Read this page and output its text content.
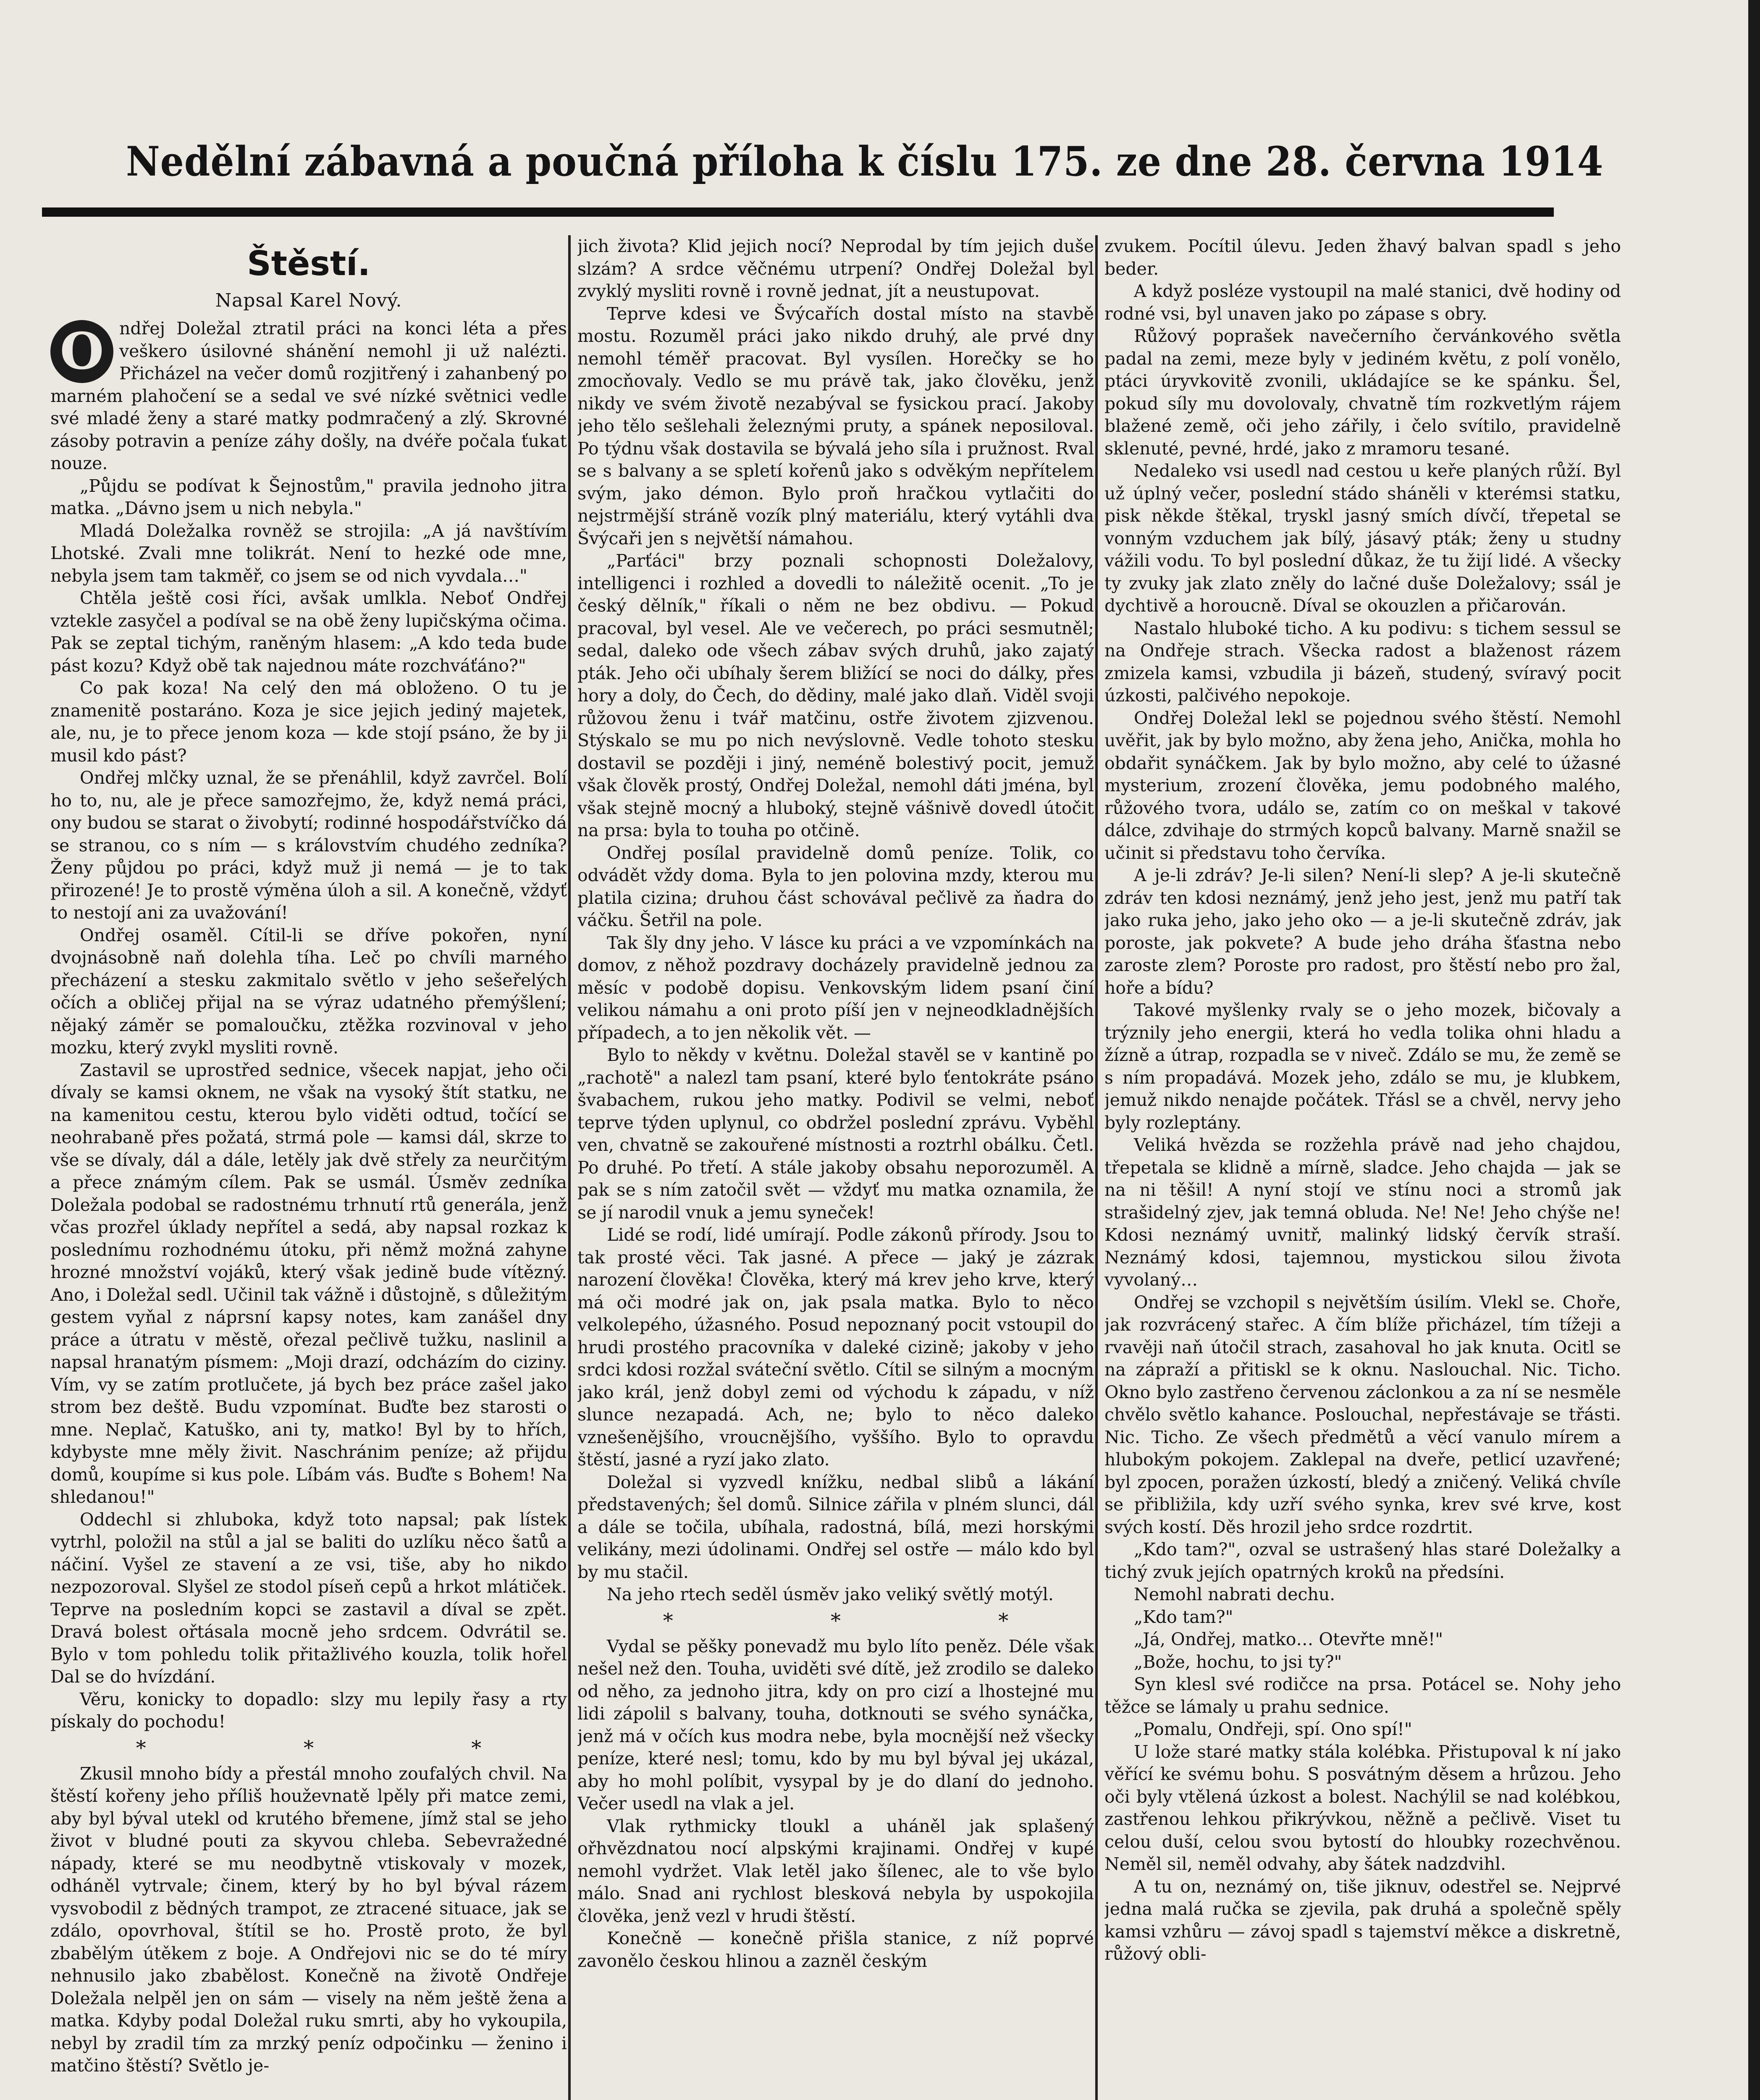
Nedělní zábavná a poučná příloha k číslu 175. ze dne 28. června 1914
Štěstí.
Napsal Karel Nový.

O ndřej Doležal ztratil práci na konci léta a přes veškero úsilovné shánění nemohl ji už nalézti. Přicházel na večer domů rozjitřený i zahanbený po marném plahočení se a sedal ve své nízké světnici vedle své mladé ženy a staré matky podmračený a zlý. Skrovné zásoby potravin a peníze záhy došly, na dvéře počala ťukat nouze.

„Půjdu se podívat k Šejnostům," pravila jednoho jitra matka. „Dávno jsem u nich nebyla."

Mladá Doležalka rovněž se strojila: „A já navštívím Lhotské. Zvali mne tolikrát. Není to hezké ode mne, nebyla jsem tam takměř, co jsem se od nich vyvdala…"

Chtěla ještě cosi říci, avšak umlkla. Neboť Ondřej vztekle zasyčel a podíval se na obě ženy lupičskýma očima. Pak se zeptal tichým, raněným hlasem: „A kdo teda bude pást kozu? Když obě tak najednou máte rozchváťáno?"

Co pak koza! Na celý den má obloženo. O tu je znamenitě postaráno. Koza je sice jejich jediný majetek, ale, nu, je to přece jenom koza — kde stojí psáno, že by ji musil kdo pást?

Ondřej mlčky uznal, že se přenáhlil, když zavrčel. Bolí ho to, nu, ale je přece samozřejmo, že, když nemá práci, ony budou se starat o živobytí; rodinné hospodářstvíčko dá se stranou, co s ním — s královstvím chudého zedníka? Ženy půjdou po práci, když muž ji nemá — je to tak přirozené! Je to prostě výměna úloh a sil. A konečně, vždyť to nestojí ani za uvažování!

Ondřej osaměl. Cítil-li se dříve pokořen, nyní dvojnásobně naň dolehla tíha. Leč po chvíli marného přecházení a stesku zakmitalo světlo v jeho sešeřelých očích a obličej přijal na se výraz udatného přemýšlení; nějaký záměr se pomaloučku, ztěžka rozvinoval v jeho mozku, který zvykl mysliti rovně.

Zastavil se uprostřed sednice, všecek napjat, jeho oči dívaly se kamsi oknem, ne však na vysoký štít statku, ne na kamenitou cestu, kterou bylo viděti odtud, točící se neohrabaně přes požatá, strmá pole — kamsi dál, skrze to vše se dívaly, dál a dále, letěly jak dvě střely za neurčitým a přece známým cílem. Pak se usmál. Úsměv zedníka Doležala podobal se radostnému trhnutí rtů generála, jenž včas prozřel úklady nepřítel a sedá, aby napsal rozkaz k poslednímu rozhodnému útoku, při němž možná zahyne hrozné množství vojáků, který však jedině bude vítězný. Ano, i Doležal sedl. Učinil tak vážně i důstojně, s důležitým gestem vyňal z náprsní kapsy notes, kam zanášel dny práce a útratu v městě, ořezal pečlivě tužku, naslinil a napsal hranatým písmem: „Moji drazí, odcházím do ciziny. Vím, vy se zatím protlučete, já bych bez práce zašel jako strom bez deště. Budu vzpomínat. Buďte bez starosti o mne. Neplač, Katuško, ani ty, matko! Byl by to hřích, kdybyste mne měly živit. Naschránim peníze; až přijdu domů, koupíme si kus pole. Líbám vás. Buďte s Bohem! Na shledanou!"

Oddechl si zhluboka, když toto napsal; pak lístek vytrhl, položil na stůl a jal se baliti do uzlíku něco šatů a náčiní. Vyšel ze stavení a ze vsi, tiše, aby ho nikdo nezpozoroval. Slyšel ze stodol píseň cepů a hrkot mlátiček. Teprve na posledním kopci se zastavil a díval se zpět. Dravá bolest ořtásala mocně jeho srdcem. Odvrátil se. Bylo v tom pohledu tolik přitažlivého kouzla, tolik hořel Dal se do hvízdání.

Věru, konicky to dopadlo: slzy mu lepily řasy a rty pískaly do pochodu!

* * *

Zkusil mnoho bídy a přestál mnoho zoufalých chvil. Na štěstí kořeny jeho příliš houževnatě lpěly při matce zemi, aby byl býval utekl od krutého břemene, jímž stal se jeho život v bludné pouti za skyvou chleba. Sebevražedné nápady, které se mu neodbytně vtiskovaly v mozek, odháněl vytrvale; činem, který by ho byl býval rázem vysvobodil z bědných trampot, ze ztracené situace, jak se zdálo, opovrhoval, štítil se ho. Prostě proto, že byl zbabělým útěkem z boje. A Ondřejovi nic se do té míry nehnusilo jako zbabělost. Konečně na životě Ondřeje Doležala nelpěl jen on sám — visely na něm ještě žena a matka. Kdyby podal Doležal ruku smrti, aby ho vykoupila, nebyl by zradil tím za mrzký peníz odpočinku — ženino i matčino štěstí? Světlo je-

jich života? Klid jejich nocí? Neprodal by tím jejich duše slzám? A srdce věčnému utrpení? Ondřej Doležal byl zvyklý mysliti rovně i rovně jednat, jít a neustupovat.

Teprve kdesi ve Švýcařích dostal místo na stavbě mostu. Rozuměl práci jako nikdo druhý, ale prvé dny nemohl téměř pracovat. Byl vysílen. Horečky se ho zmocňovaly. Vedlo se mu právě tak, jako člověku, jenž nikdy ve svém životě nezabýval se fysickou prací. Jakoby jeho tělo sešlehali železnými pruty, a spánek neposiloval. Po týdnu však dostavila se bývalá jeho síla i pružnost. Rval se s balvany a se spletí kořenů jako s odvěkým nepřítelem svým, jako démon. Bylo proň hračkou vytlačiti do nejstrmější stráně vozík plný materiálu, který vytáhli dva Švýcaři jen s největší námahou.

„Parťáci" brzy poznali schopnosti Doležalovy, intelligenci i rozhled a dovedli to náležitě ocenit. „To je český dělník," říkali o něm ne bez obdivu. — Pokud pracoval, byl vesel. Ale ve večerech, po práci sesmutněl; sedal, daleko ode všech zábav svých druhů, jako zajatý pták. Jeho oči ubíhaly šerem bližící se noci do dálky, přes hory a doly, do Čech, do dědiny, malé jako dlaň. Viděl svoji růžovou ženu i tvář matčinu, ostře životem zjizvenou. Stýskalo se mu po nich nevýslovně. Vedle tohoto stesku dostavil se později i jiný, neméně bolestivý pocit, jemuž však člověk prostý, Ondřej Doležal, nemohl dáti jména, byl však stejně mocný a hluboký, stejně vášnivě dovedl útočit na prsa: byla to touha po otčině.

Ondřej posílal pravidelně domů peníze. Tolik, co odvádět vždy doma. Byla to jen polovina mzdy, kterou mu platila cizina; druhou část schovával pečlivě za ňadra do váčku. Šetřil na pole.

Tak šly dny jeho. V lásce ku práci a ve vzpomínkách na domov, z něhož pozdravy docházely pravidelně jednou za měsíc v podobě dopisu. Venkovským lidem psaní činí velikou námahu a oni proto píší jen v nejneodkladnějších případech, a to jen několik vět. —

Bylo to někdy v květnu. Doležal stavěl se v kantině po „rachotě" a nalezl tam psaní, které bylo ťentokráte psáno švabachem, rukou jeho matky. Podivil se velmi, neboť teprve týden uplynul, co obdržel poslední zprávu. Vyběhl ven, chvatně se zakouřené místnosti a roztrhl obálku. Četl. Po druhé. Po třetí. A stále jakoby obsahu neporozuměl. A pak se s ním zatočil svět — vždyť mu matka oznamila, že se jí narodil vnuk a jemu syneček!

Lidé se rodí, lidé umírají. Podle zákonů přírody. Jsou to tak prosté věci. Tak jasné. A přece — jaký je zázrak narození člověka! Člověka, který má krev jeho krve, který má oči modré jak on, jak psala matka. Bylo to něco velkolepého, úžasného. Posud nepoznaný pocit vstoupil do hrudi prostého pracovníka v daleké cizině; jakoby v jeho srdci kdosi rozžal sváteční světlo. Cítil se silným a mocným jako král, jenž dobyl zemi od východu k západu, v níž slunce nezapadá. Ach, ne; bylo to něco daleko vznešenějšího, vroucnějšího, vyššího. Bylo to opravdu štěstí, jasné a ryzí jako zlato.

Doležal si vyzvedl knížku, nedbal slibů a lákání představených; šel domů. Silnice zářila v plném slunci, dál a dále se točila, ubíhala, radostná, bílá, mezi horskými velikány, mezi údolinami. Ondřej sel ostře — málo kdo byl by mu stačil.

Na jeho rtech seděl úsměv jako veliký světlý motýl.

* * *

Vydal se pěšky ponevadž mu bylo líto peněz. Déle však nešel než den. Touha, uviděti své dítě, jež zrodilo se daleko od něho, za jednoho jitra, kdy on pro cizí a lhostejné mu lidi zápolil s balvany, touha, dotknouti se svého synáčka, jenž má v očích kus modra nebe, byla mocnější než všecky peníze, které nesl; tomu, kdo by mu byl býval jej ukázal, aby ho mohl políbit, vysypal by je do dlaní do jednoho. Večer usedl na vlak a jel.

Vlak rythmicky tloukl a uháněl jak splašený ořhvězdnatou nocí alpskými krajinami. Ondřej v kupé nemohl vydržet. Vlak letěl jako šílenec, ale to vše bylo málo. Snad ani rychlost blesková nebyla by uspokojila člověka, jenž vezl v hrudi štěstí.

Konečně — konečně přišla stanice, z níž poprvé zavonělo českou hlinou a zazněl českým

zvukem. Pocítil úlevu. Jeden žhavý balvan spadl s jeho beder.

A když posléze vystoupil na malé stanici, dvě hodiny od rodné vsi, byl unaven jako po zápase s obry.

Růžový poprašek navečerního červánkového světla padal na zemi, meze byly v jediném květu, z polí vonělo, ptáci úryvkovitě zvonili, ukládajíce se ke spánku. Šel, pokud síly mu dovolovaly, chvatně tím rozkvetlým rájem blažené země, oči jeho zářily, i čelo svítilo, pravidelně sklenuté, pevné, hrdé, jako z mramoru tesané.

Nedaleko vsi usedl nad cestou u keře planých růží. Byl už úplný večer, poslední stádo sháněli v kterémsi statku, pisk někde štěkal, tryskl jasný smích dívčí, třepetal se vonným vzduchem jak bílý, jásavý pták; ženy u studny vážili vodu. To byl poslední důkaz, že tu žijí lidé. A všecky ty zvuky jak zlato zněly do lačné duše Doležalovy; ssál je dychtivě a horoucně. Díval se okouzlen a přičarován.

Nastalo hluboké ticho. A ku podivu: s tichem sessul se na Ondřeje strach. Všecka radost a blaženost rázem zmizela kamsi, vzbudila ji bázeň, studený, svíravý pocit úzkosti, palčivého nepokoje.

Ondřej Doležal lekl se pojednou svého štěstí. Nemohl uvěřit, jak by bylo možno, aby žena jeho, Anička, mohla ho obdařit synáčkem. Jak by bylo možno, aby celé to úžasné mysterium, zrození člověka, jemu podobného malého, růžového tvora, událo se, zatím co on meškal v takové dálce, zdvihaje do strmých kopců balvany. Marně snažil se učinit si představu toho červíka.

A je-li zdráv? Je-li silen? Není-li slep? A je-li skutečně zdráv ten kdosi neznámý, jenž jeho jest, jenž mu patří tak jako ruka jeho, jako jeho oko — a je-li skutečně zdráv, jak poroste, jak pokvete? A bude jeho dráha šťastna nebo zaroste zlem? Poroste pro radost, pro štěstí nebo pro žal, hoře a bídu?

Takové myšlenky rvaly se o jeho mozek, bičovaly a trýznily jeho energii, která ho vedla tolika ohni hladu a žízně a útrap, rozpadla se v niveč. Zdálo se mu, že země se s ním propadává. Mozek jeho, zdálo se mu, je klubkem, jemuž nikdo nenajde počátek. Třásl se a chvěl, nervy jeho byly rozleptány.

Veliká hvězda se rozžehla právě nad jeho chajdou, třepetala se klidně a mírně, sladce. Jeho chajda — jak se na ni těšil! A nyní stojí ve stínu noci a stromů jak strašidelný zjev, jak temná obluda. Ne! Ne! Jeho chýše ne! Kdosi neznámý uvnitř, malinký lidský červík straší. Neznámý kdosi, tajemnou, mystickou silou života vyvolaný…

Ondřej se vzchopil s největším úsilím. Vlekl se. Choře, jak rozvrácený stařec. A čím blíže přicházel, tím tížeji a rvavěji naň útočil strach, zasahoval ho jak knuta. Ocitl se na zápraží a přitiskl se k oknu. Naslouchal. Nic. Ticho. Okno bylo zastřeno červenou záclonkou a za ní se nesměle chvělo světlo kahance. Poslouchal, nepřestávaje se třásti. Nic. Ticho. Ze všech předmětů a věcí vanulo mírem a hlubokým pokojem. Zaklepal na dveře, petlicí uzavřené; byl zpocen, poražen úzkostí, bledý a zničený. Veliká chvíle se přibližila, kdy uzří svého synka, krev své krve, kost svých kostí. Děs hrozil jeho srdce rozdrtit.

„Kdo tam?", ozval se ustrašený hlas staré Doležalky a tichý zvuk jejích opatrných kroků na předsíni.

Nemohl nabrati dechu.

„Kdo tam?"

„Já, Ondřej, matko… Otevřte mně!"

„Bože, hochu, to jsi ty?"

Syn klesl své rodičce na prsa. Potácel se. Nohy jeho těžce se lámaly u prahu sednice.

„Pomalu, Ondřeji, spí. Ono spí!"

U lože staré matky stála kolébka. Přistupoval k ní jako věřící ke svému bohu. S posvátným děsem a hrůzou. Jeho oči byly vtělená úzkost a bolest. Nachýlil se nad kolébkou, zastřenou lehkou přikrývkou, něžně a pečlivě. Viset tu celou duší, celou svou bytostí do hloubky rozechvěnou. Neměl sil, neměl odvahy, aby šátek nadzdvihl.

A tu on, neznámý on, tiše jiknuv, odestřel se. Nejprvé jedna malá ručka se zjevila, pak druhá a společně spěly kamsi vzhůru — závoj spadl s tajemství měkce a diskretně, růžový obli-
